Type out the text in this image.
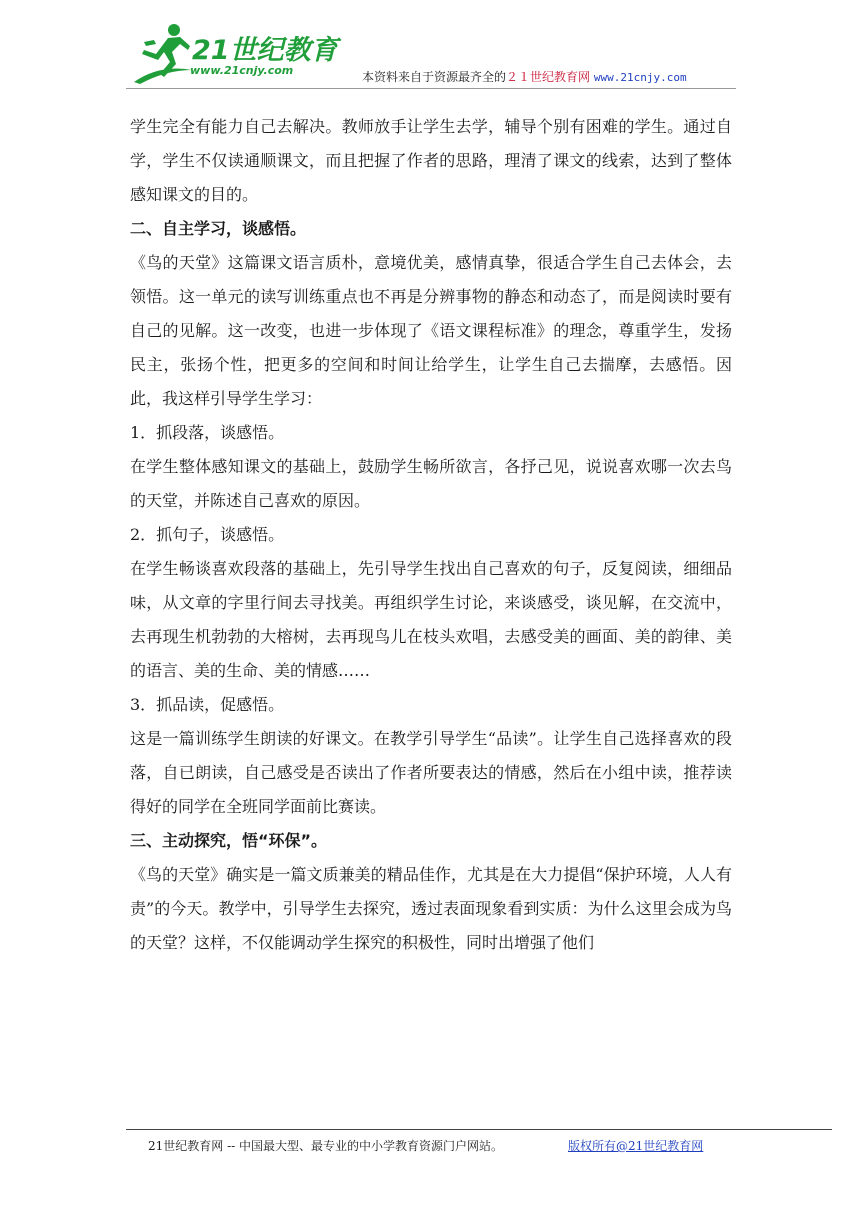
21世纪教育
www.21cnjy.com	本资料来自于资源最齐全的２１世纪教育网 www.21cnjy.com

学生完全有能力自己去解决。教师放手让学生去学，辅导个别有困难的学生。通过自学，学生不仅读通顺课文，而且把握了作者的思路，理清了课文的线索，达到了整体感知课文的目的。

二、自主学习，谈感悟。

《鸟的天堂》这篇课文语言质朴，意境优美，感情真挚，很适合学生自己去体会，去领悟。这一单元的读写训练重点也不再是分辨事物的静态和动态了，而是阅读时要有自己的见解。这一改变，也进一步体现了《语文课程标准》的理念，尊重学生，发扬民主，张扬个性，把更多的空间和时间让给学生，让学生自己去揣摩，去感悟。因此，我这样引导学生学习：

1．抓段落，谈感悟。

在学生整体感知课文的基础上，鼓励学生畅所欲言，各抒己见，说说喜欢哪一次去鸟的天堂，并陈述自己喜欢的原因。

2．抓句子，谈感悟。

在学生畅谈喜欢段落的基础上，先引导学生找出自己喜欢的句子，反复阅读，细细品味，从文章的字里行间去寻找美。再组织学生讨论，来谈感受，谈见解，在交流中，去再现生机勃勃的大榕树，去再现鸟儿在枝头欢唱，去感受美的画面、美的韵律、美的语言、美的生命、美的情感……

3．抓品读，促感悟。

这是一篇训练学生朗读的好课文。在教学引导学生“品读”。让学生自己选择喜欢的段落，自已朗读，自己感受是否读出了作者所要表达的情感，然后在小组中读，推荐读得好的同学在全班同学面前比赛读。

三、主动探究，悟“环保”。

《鸟的天堂》确实是一篇文质兼美的精品佳作，尤其是在大力提倡“保护环境，人人有责”的今天。教学中，引导学生去探究，透过表面现象看到实质：为什么这里会成为鸟的天堂？这样，不仅能调动学生探究的积极性，同时出增强了他们

21世纪教育网 -- 中国最大型、最专业的中小学教育资源门户网站。	版权所有@21世纪教育网
